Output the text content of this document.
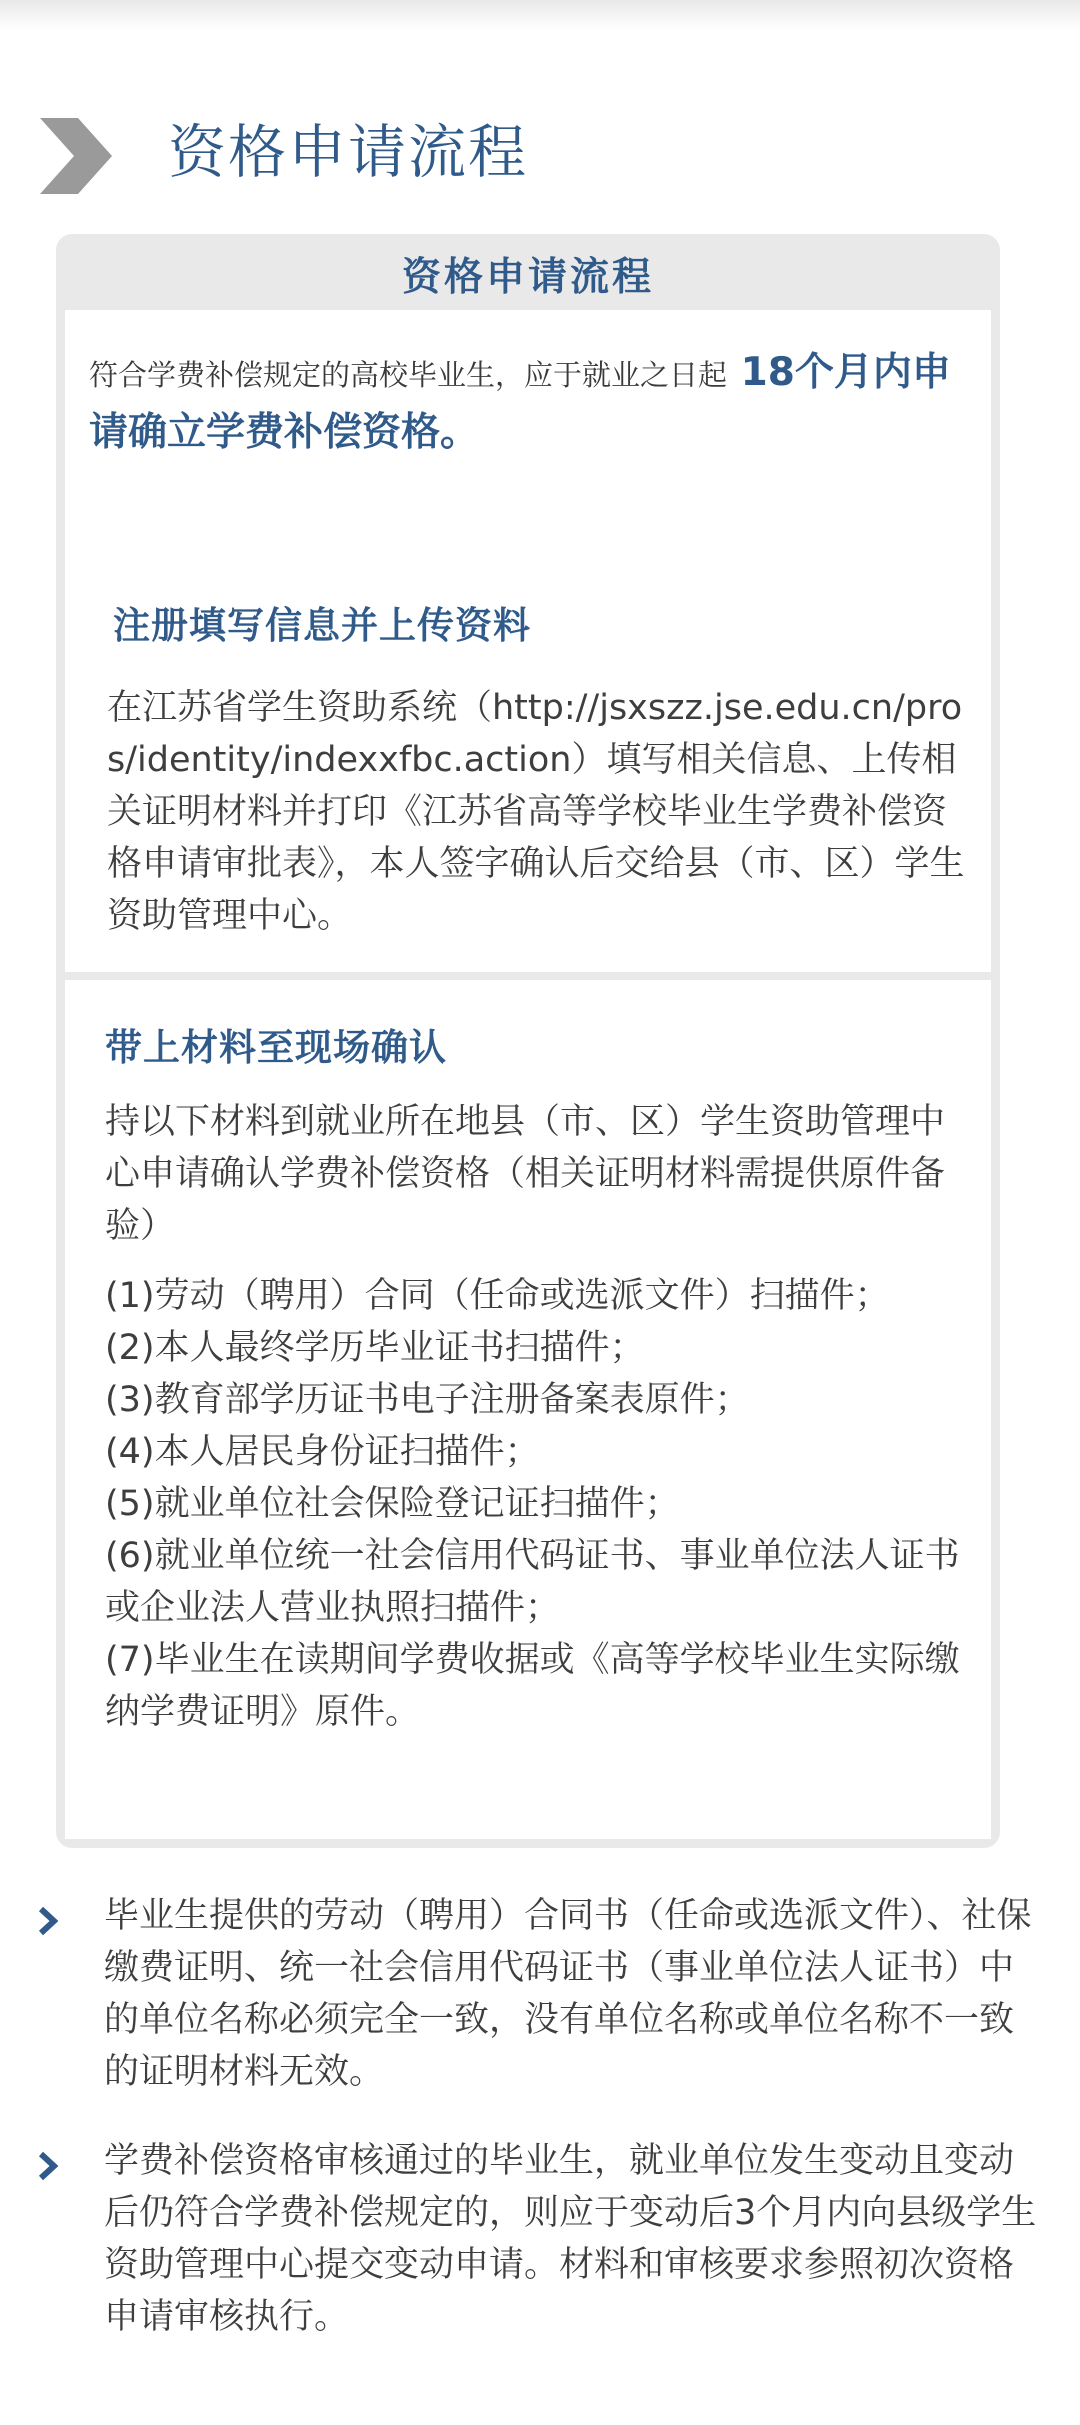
资格申请流程
资格申请流程
符合学费补偿规定的高校毕业生，应于就业之日起 18个月内申请确立学费补偿资格。
注册填写信息并上传资料
在江苏省学生资助系统（http://jsxszz.jse.edu.cn/pros/identity/indexxfbc.action）填写相关信息、上传相关证明材料并打印《江苏省高等学校毕业生学费补偿资格申请审批表》，本人签字确认后交给县（市、区）学生资助管理中心。
带上材料至现场确认
持以下材料到就业所在地县（市、区）学生资助管理中心申请确认学费补偿资格（相关证明材料需提供原件备验）
(1)劳动（聘用）合同（任命或选派文件）扫描件；
(2)本人最终学历毕业证书扫描件；
(3)教育部学历证书电子注册备案表原件；
(4)本人居民身份证扫描件；
(5)就业单位社会保险登记证扫描件；
(6)就业单位统一社会信用代码证书、事业单位法人证书或企业法人营业执照扫描件；
(7)毕业生在读期间学费收据或《高等学校毕业生实际缴纳学费证明》原件。
毕业生提供的劳动（聘用）合同书（任命或选派文件）、社保缴费证明、统一社会信用代码证书（事业单位法人证书）中的单位名称必须完全一致，没有单位名称或单位名称不一致的证明材料无效。
学费补偿资格审核通过的毕业生，就业单位发生变动且变动后仍符合学费补偿规定的，则应于变动后3个月内向县级学生资助管理中心提交变动申请。材料和审核要求参照初次资格申请审核执行。
